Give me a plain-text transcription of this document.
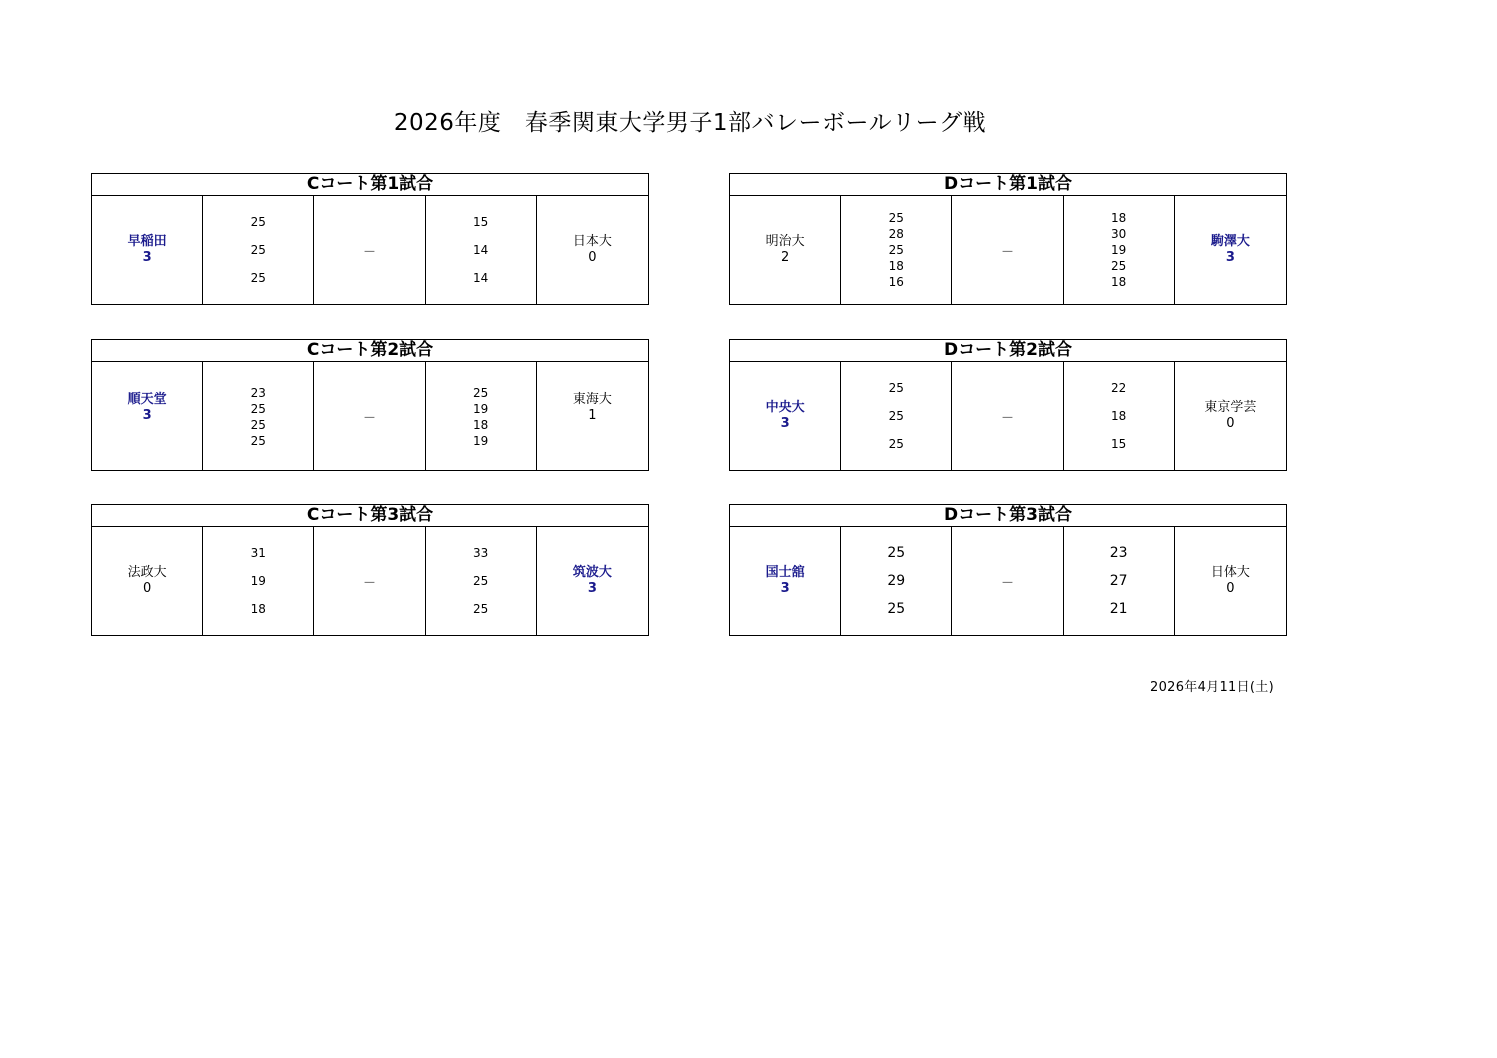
2026年度　春季関東大学男子1部バレーボールリーグ戦
Cコート第1試合
早稲田
3
25
25
25
－
15
14
14
日本大
0
Cコート第2試合
順天堂
3
23
25
25
25
－
25
19
18
19
東海大
1
Cコート第3試合
法政大
0
31
19
18
－
33
25
25
筑波大
3
Dコート第1試合
明治大
2
25
28
25
18
16
－
18
30
19
25
18
駒澤大
3
Dコート第2試合
中央大
3
25
25
25
－
22
18
15
東京学芸
0
Dコート第3試合
国士舘
3
25
29
25
－
23
27
21
日体大
0
2026年4月11日(土)
